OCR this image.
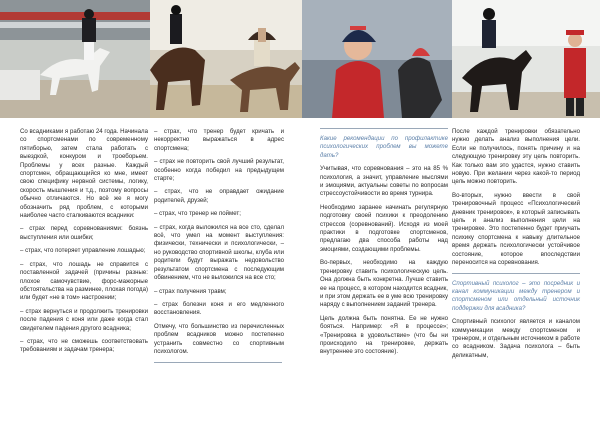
Со всадниками я работаю 24 года. Начинала со спортсменами по современному пятиборью, затем стала работать с выездкой, конкуром и троеборьем. Проблемы у всех разные. Каждый спортсмен, обращающийся ко мне, имеет свою специфику нервной системы, логику, скорость мышления и т.д., поэтому вопросы обычно отличаются. Но всё же я могу обозначить ряд проблем, с которыми наиболее часто сталкиваются всадники:

– страх перед соревнованиями: боязнь выступления или ошибки;

– страх, что потеряет управление лошадью;

– страх, что лошадь не справится с поставленной задачей (причины разные: плохое самочувствие, форс-мажорные обстоятельства на разминке, плохая погода) или будет «не в том» настроении;

– страх вернуться и продолжить тренировки после падения с коня или даже когда стал свидетелем падения другого всадника;

– страх, что не сможешь соответствовать требованиям и задачам тренера;

– страх, что тренер будет кричать и некорректно выражаться в адрес спортсмена;

– страх не повторить свой лучший результат, особенно когда победил на предыдущем старте;

– страх, что не оправдает ожидание родителей, друзей;

– страх, что тренер не поймет;

– страх, когда выложился на все сто, сделал всё, что умел на момент выступления: физически, технически и психологически, – но руководство спортивной школы, клуба или родители будут выражать недовольство результатом спортсмена с последующим обвинением, что не выложился на все сто;

– страх получения травм;

– страх болезни коня и его медленного восстановления.

Отмечу, что большинство из перечисленных проблем всадников можно постепенно устранить совместно со спортивным психологом.

Какие рекомендации по профилактике психологических проблем вы можете дать?

Учитывая, что соревнования – это на 85 % психология, а значит, управление мыслями и эмоциями, актуальны советы по вопросам стрессоустойчивости во время турнира.

Необходимо заранее начинать регулярную подготовку своей психики к преодолению стрессов (соревнований). Исходя из моей практики в подготовке спортсменов, предлагаю два способа работы над эмоциями, создающими проблемы.

Во-первых, необходимо на каждую тренировку ставить психологическую цель. Она должна быть конкретна. Лучше ставить ее на процесс, в котором находится всадник, и при этом держать ее в уме всю тренировку наряду с выполнением заданий тренера.

Цель должна быть понятна. Ее не нужно бояться. Например: «Я в процессе»; «Тренировка в удовольствие» (что бы ни происходило на тренировке, держать внутреннее это состояние).

После каждой тренировки обязательно нужно делать анализ выполнения цели. Если не получилось, понять причину и на следующую тренировку эту цель повторить. Как только вам это удастся, нужно ставить новую. При желании через какой-то период цель можно повторить.

Во-вторых, нужно ввести в свой тренировочный процесс «Психологический дневник тренировок», в который записывать цель и анализ выполнения цели на тренировке. Это постепенно будет приучать психику спортсмена к навыку длительное время держать психологически устойчивое состояние, которое впоследствии переносится на соревнования.

Спортивный психолог – это посредник и канал коммуникации между тренером и спортсменом или отдельный источник поддержки для всадника?

Спортивный психолог является и каналом коммуникации между спортсменом и тренером, и отдельным источником в работе со всадником. Задача психолога – быть деликатным,
